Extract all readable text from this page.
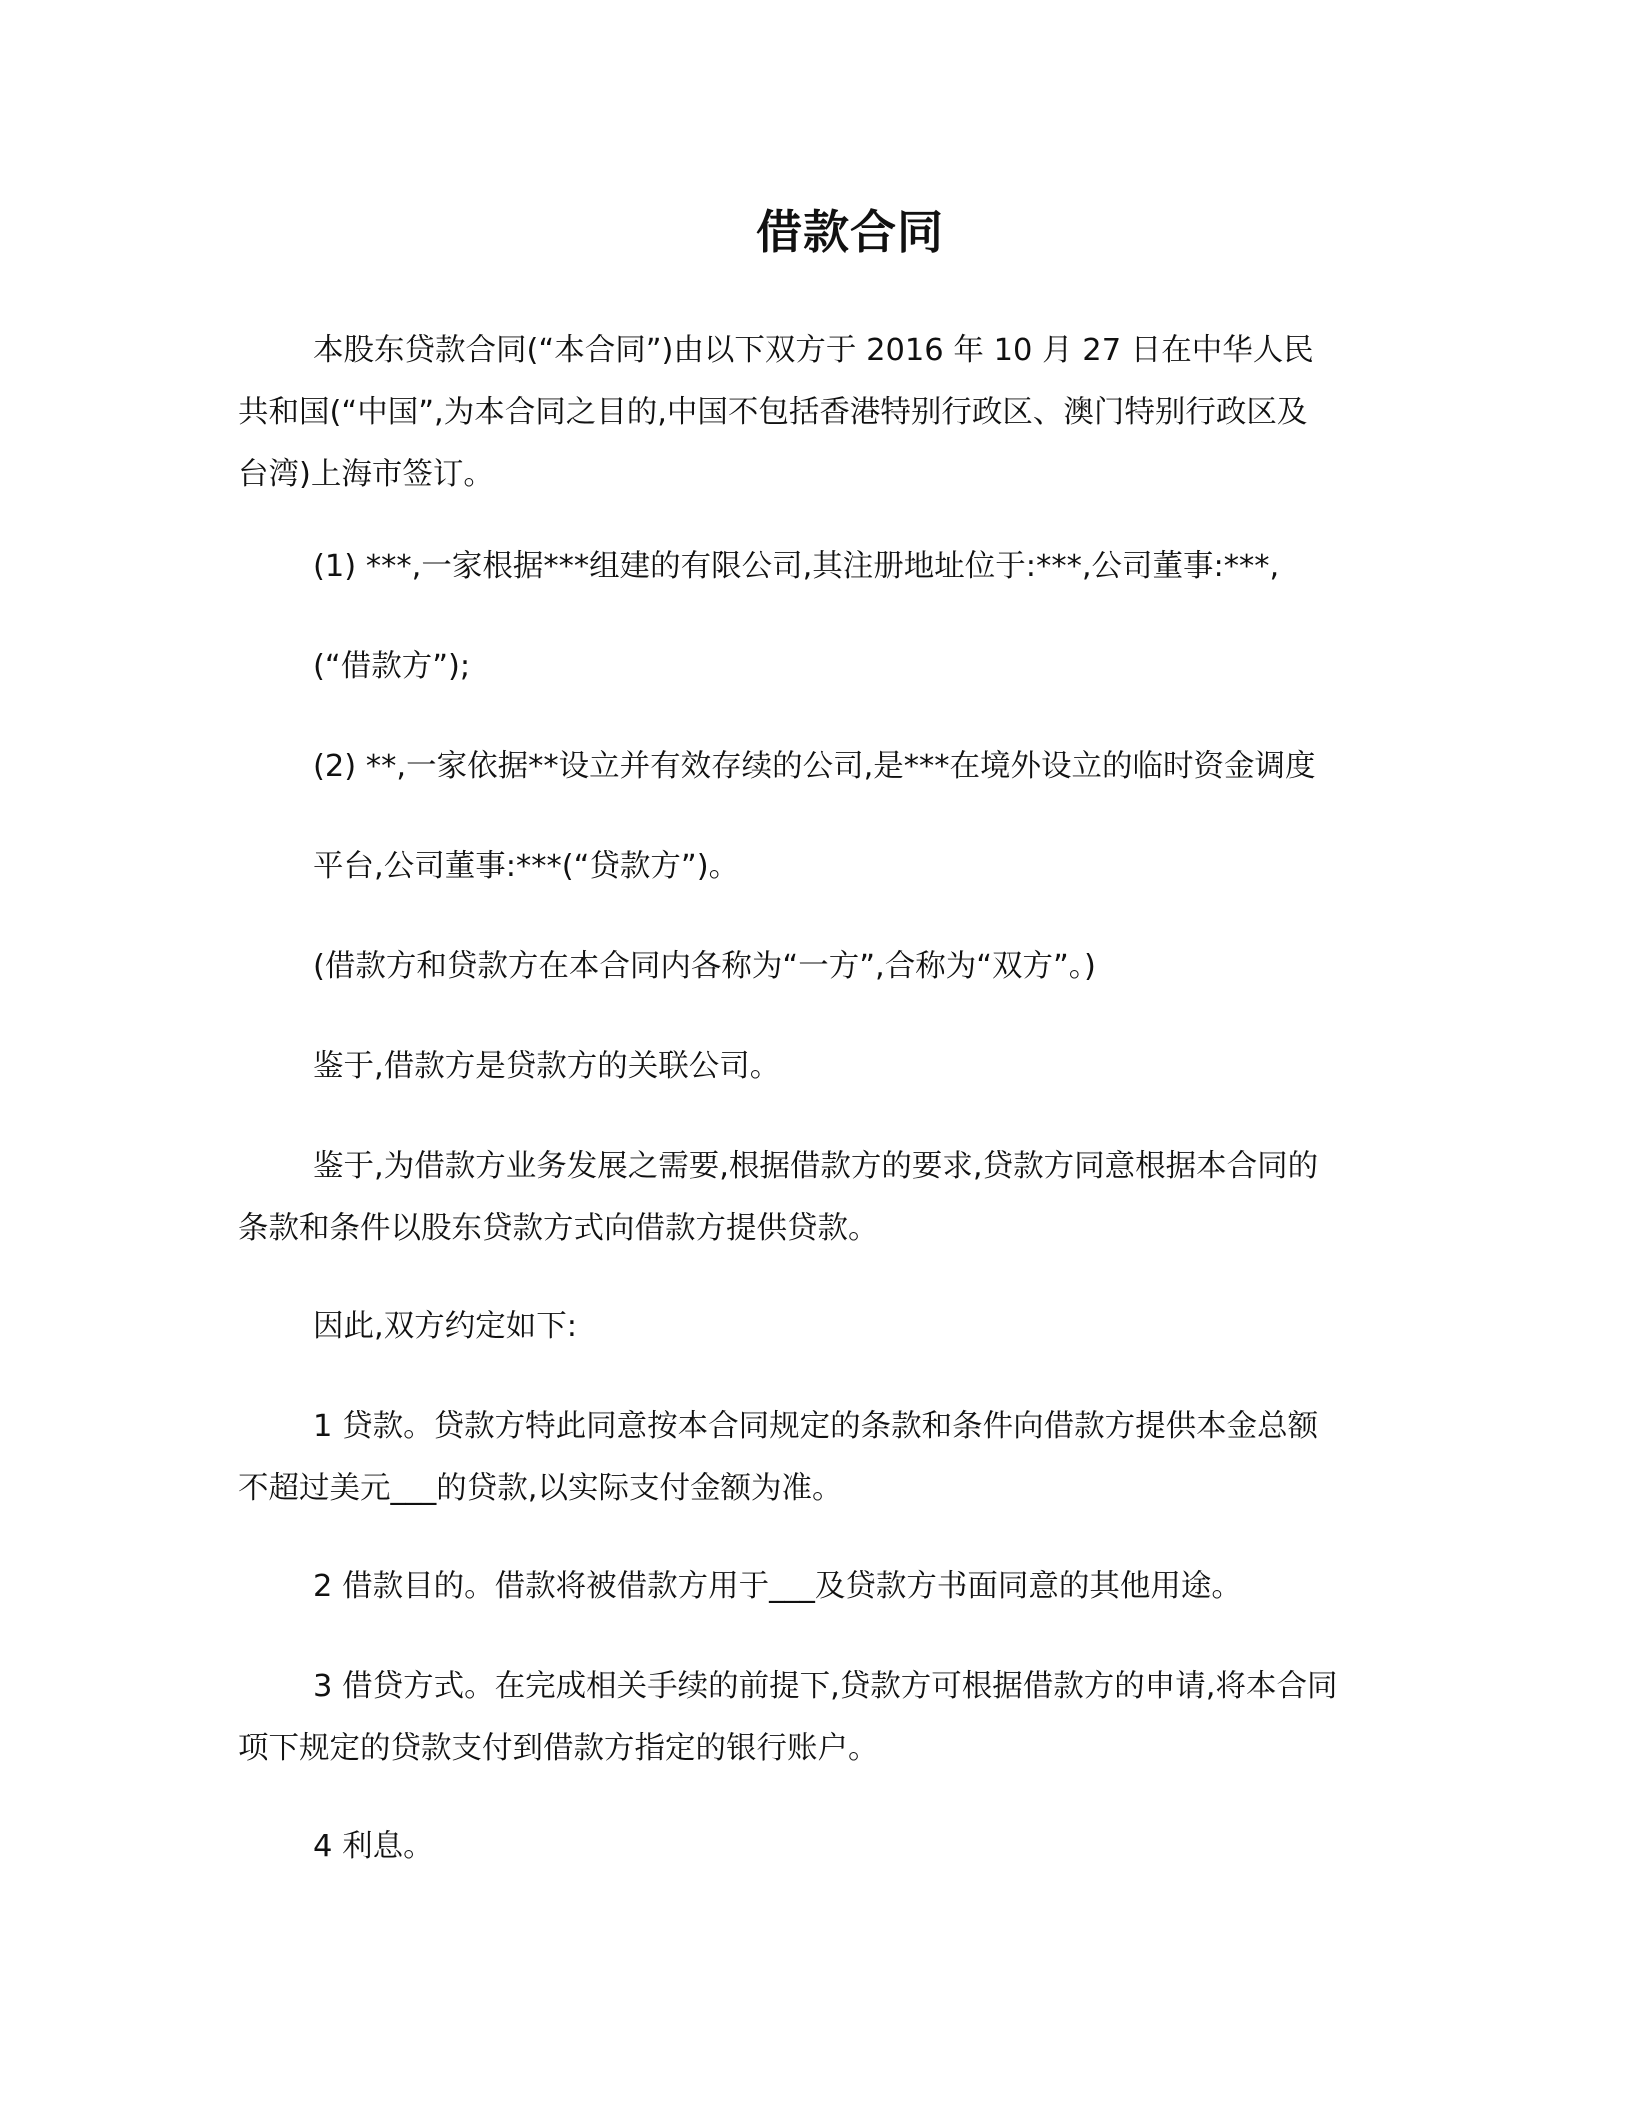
借款合同
本股东贷款合同(“本合同”)由以下双方于 2016 年 10 月 27 日在中华人民
共和国(“中国”,为本合同之目的,中国不包括香港特别行政区、澳门特别行政区及
台湾)上海市签订。

(1) ***,一家根据***组建的有限公司,其注册地址位于:***,公司董事:***,

(“借款方”);

(2) **,一家依据**设立并有效存续的公司,是***在境外设立的临时资金调度

平台,公司董事:***(“贷款方”)。

(借款方和贷款方在本合同内各称为“一方”,合称为“双方”。)

鉴于,借款方是贷款方的关联公司。

鉴于,为借款方业务发展之需要,根据借款方的要求,贷款方同意根据本合同的
条款和条件以股东贷款方式向借款方提供贷款。

因此,双方约定如下:

1 贷款。贷款方特此同意按本合同规定的条款和条件向借款方提供本金总额
不超过美元___的贷款,以实际支付金额为准。

2 借款目的。借款将被借款方用于___及贷款方书面同意的其他用途。

3 借贷方式。在完成相关手续的前提下,贷款方可根据借款方的申请,将本合同
项下规定的贷款支付到借款方指定的银行账户。

4 利息。
